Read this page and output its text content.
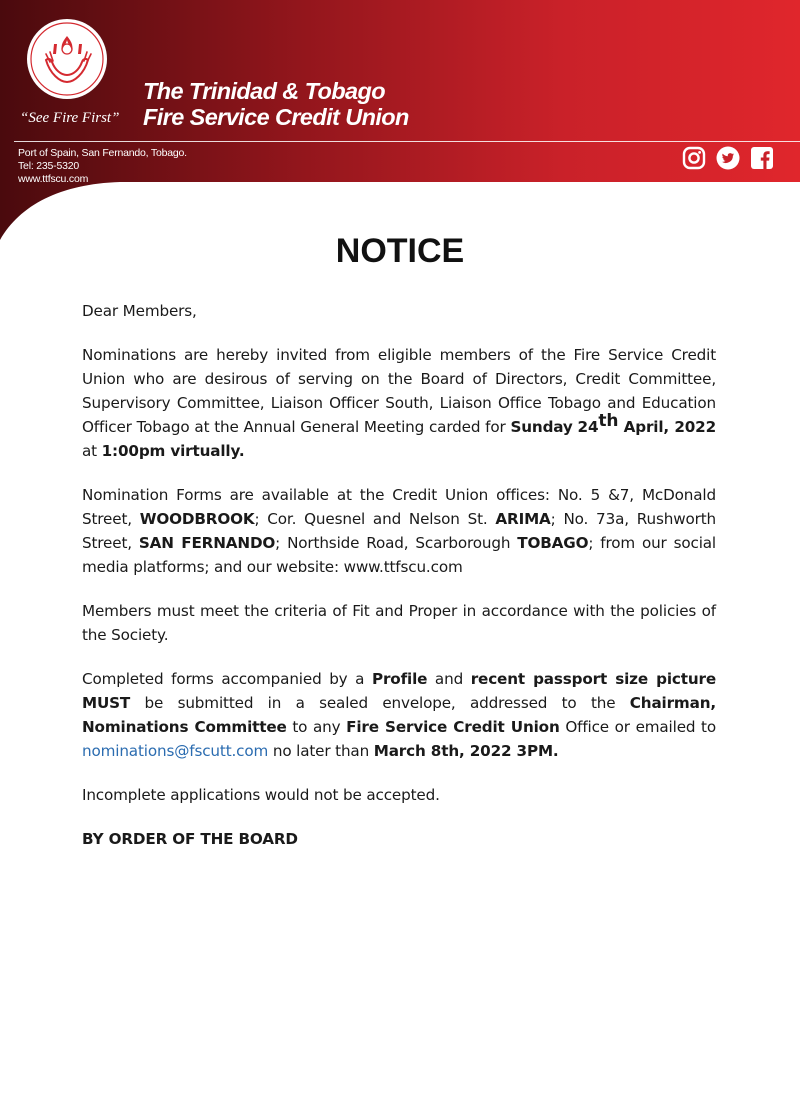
“See Fire First”
The Trinidad & Tobago
Fire Service Credit Union
Port of Spain, San Fernando, Tobago.
Tel: 235-5320
www.ttfscu.com
NOTICE

Dear Members,

Nominations are hereby invited from eligible members of the Fire Service Credit Union who are desirous of serving on the Board of Directors, Credit Committee, Supervisory Committee, Liaison Officer South, Liaison Office Tobago and Education Officer Tobago at the Annual General Meeting carded for Sunday 24th April, 2022 at 1:00pm virtually.

Nomination Forms are available at the Credit Union offices: No. 5 &7, McDonald Street, WOODBROOK; Cor. Quesnel and Nelson St. ARIMA; No. 73a, Rushworth Street, SAN FERNANDO; Northside Road, Scarborough TOBAGO; from our social media platforms; and our website: www.ttfscu.com

Members must meet the criteria of Fit and Proper in accordance with the policies of the Society.

Completed forms accompanied by a Profile and recent passport size picture MUST be submitted in a sealed envelope, addressed to the Chairman, Nominations Committee to any Fire Service Credit Union Office or emailed to nominations@fscutt.com no later than March 8th, 2022 3PM.

Incomplete applications would not be accepted.

BY ORDER OF THE BOARD
